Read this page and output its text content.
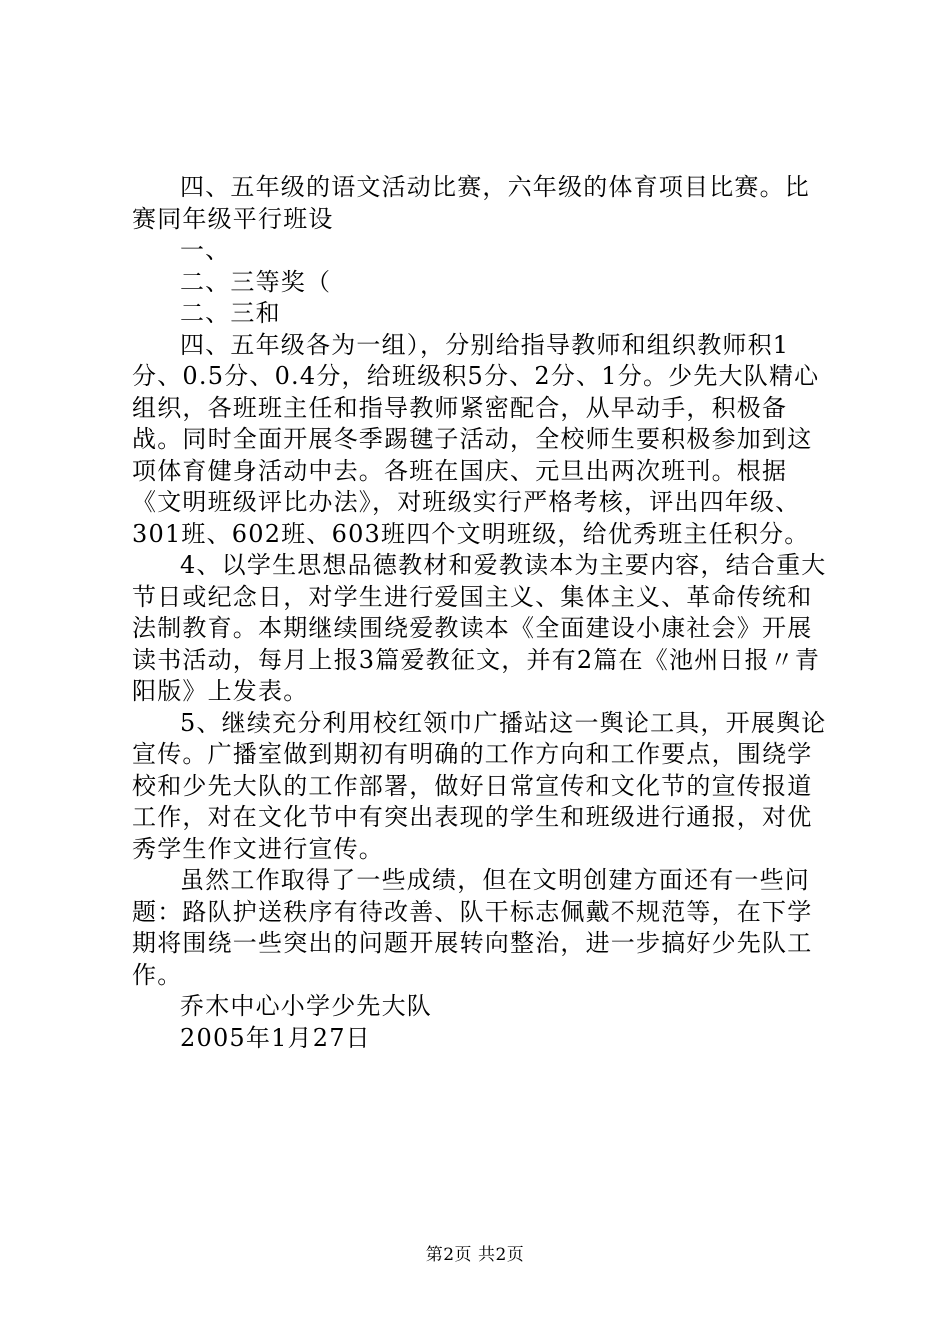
四、五年级的语文活动比赛，六年级的体育项目比赛。比赛同年级平行班设

一、

二、三等奖（

二、三和

四、五年级各为一组），分别给指导教师和组织教师积1分、0.5分、0.4分，给班级积5分、2分、1分。少先大队精心组织，各班班主任和指导教师紧密配合，从早动手，积极备战。同时全面开展冬季踢毽子活动，全校师生要积极参加到这项体育健身活动中去。各班在国庆、元旦出两次班刊。根据《文明班级评比办法》，对班级实行严格考核，评出四年级、301班、602班、603班四个文明班级，给优秀班主任积分。

4、以学生思想品德教材和爱教读本为主要内容，结合重大节日或纪念日，对学生进行爱国主义、集体主义、革命传统和法制教育。本期继续围绕爱教读本《全面建设小康社会》开展读书活动，每月上报3篇爱教征文，并有2篇在《池州日报〃青阳版》上发表。

5、继续充分利用校红领巾广播站这一舆论工具，开展舆论宣传。广播室做到期初有明确的工作方向和工作要点，围绕学校和少先大队的工作部署，做好日常宣传和文化节的宣传报道工作，对在文化节中有突出表现的学生和班级进行通报，对优秀学生作文进行宣传。

虽然工作取得了一些成绩，但在文明创建方面还有一些问题：路队护送秩序有待改善、队干标志佩戴不规范等，在下学期将围绕一些突出的问题开展转向整治，进一步搞好少先队工作。

乔木中心小学少先大队

2005年1月27日

第2页 共2页
